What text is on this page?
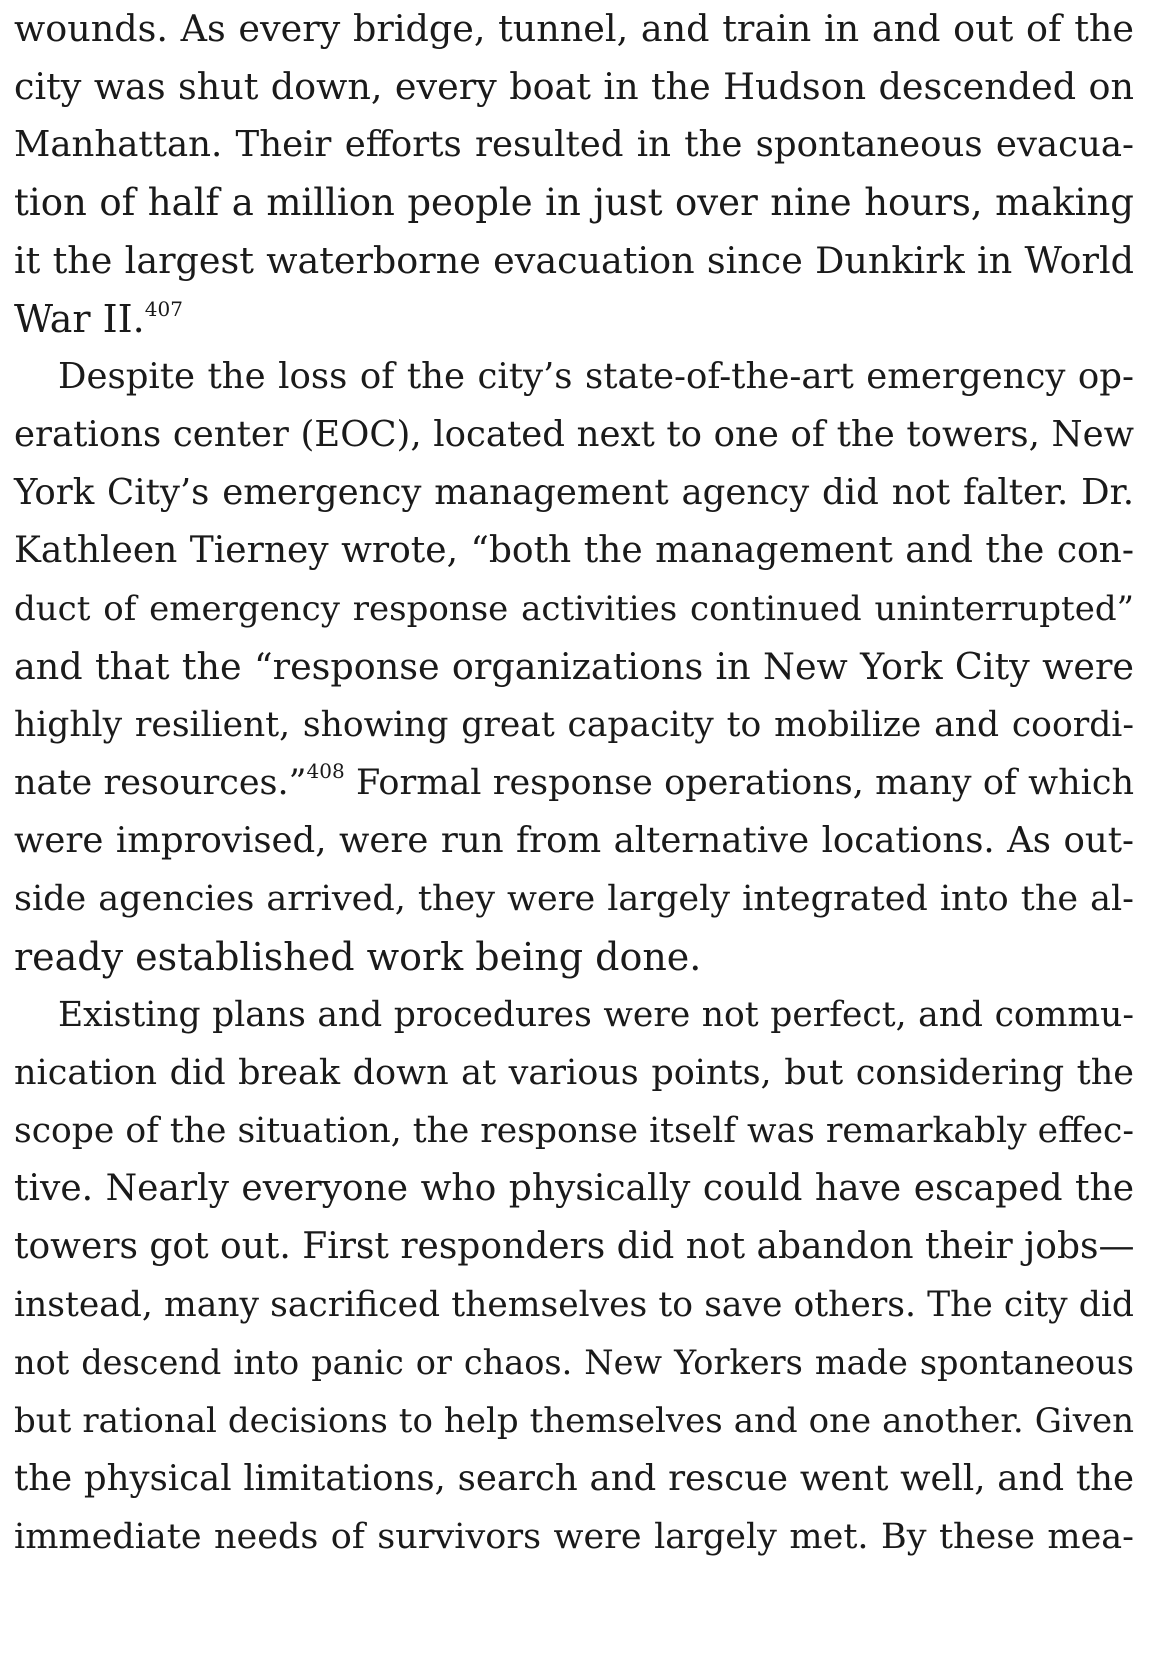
wounds. As every bridge, tunnel, and train in and out of the
city was shut down, every boat in the Hudson descended on
Manhattan. Their efforts resulted in the spontaneous evacua-
tion of half a million people in just over nine hours, making
it the largest waterborne evacuation since Dunkirk in World
War II.$^{407}$
Despite the loss of the city’s state-of-the-art emergency op-
erations center (EOC), located next to one of the towers, New
York City’s emergency management agency did not falter. Dr.
Kathleen Tierney wrote, “both the management and the con-
duct of emergency response activities continued uninterrupted”
and that the “response organizations in New York City were
highly resilient, showing great capacity to mobilize and coordi-
nate resources.”$^{408}$ Formal response operations, many of which
were improvised, were run from alternative locations. As out-
side agencies arrived, they were largely integrated into the al-
ready established work being done.
Existing plans and procedures were not perfect, and commu-
nication did break down at various points, but considering the
scope of the situation, the response itself was remarkably effec-
tive. Nearly everyone who physically could have escaped the
towers got out. First responders did not abandon their jobs—
instead, many sacrificed themselves to save others. The city did
not descend into panic or chaos. New Yorkers made spontaneous
but rational decisions to help themselves and one another. Given
the physical limitations, search and rescue went well, and the
immediate needs of survivors were largely met. By these mea-
